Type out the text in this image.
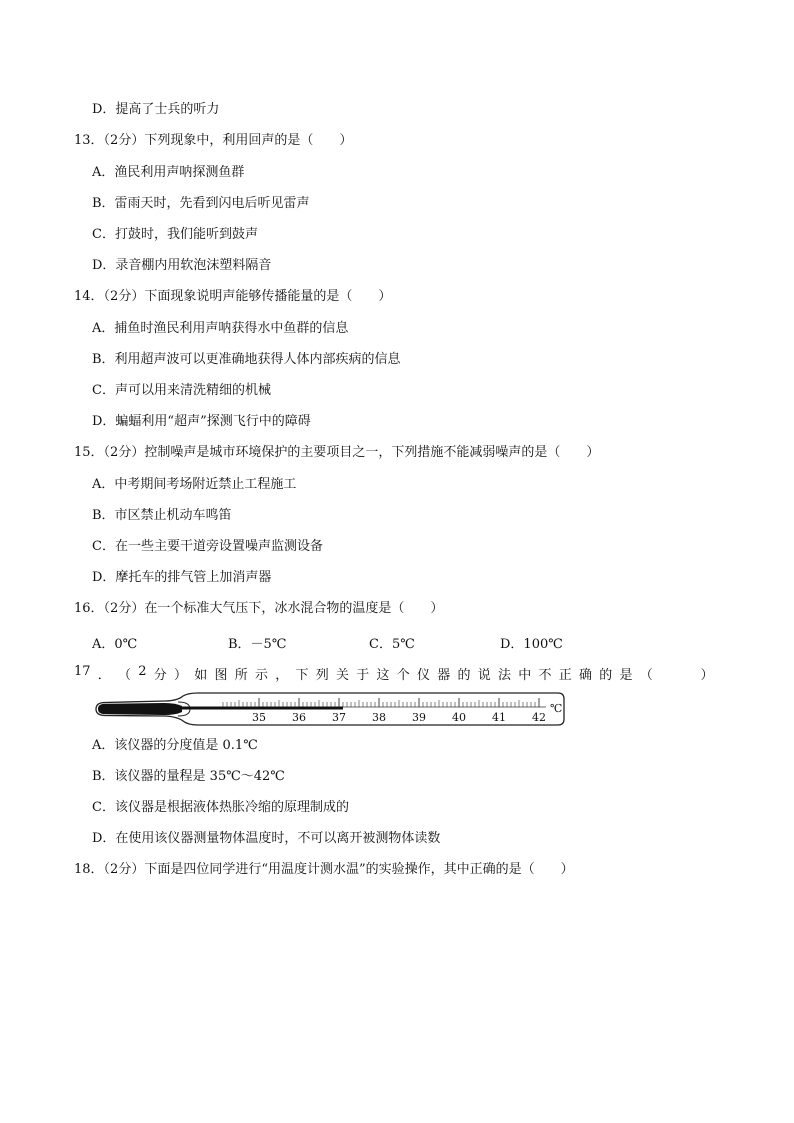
D．提高了士兵的听力
13．（2分）下列现象中，利用回声的是（　　）
A．渔民利用声呐探测鱼群
B．雷雨天时，先看到闪电后听见雷声
C．打鼓时，我们能听到鼓声
D．录音棚内用软泡沫塑料隔音
14．（2分）下面现象说明声能够传播能量的是（　　）
A．捕鱼时渔民利用声呐获得水中鱼群的信息
B．利用超声波可以更准确地获得人体内部疾病的信息
C．声可以用来清洗精细的机械
D．蝙蝠利用“超声”探测飞行中的障碍
15．（2分）控制噪声是城市环境保护的主要项目之一，下列措施不能减弱噪声的是（　　）
A．中考期间考场附近禁止工程施工
B．市区禁止机动车鸣笛
C．在一些主要干道旁设置噪声监测设备
D．摩托车的排气管上加消声器
16．（2分）在一个标准大气压下，冰水混合物的温度是（　　）
A．0℃	B．－5℃	C．5℃	D．100℃
17 ． （ 2 分 ） 如 图 所 示 ， 下 列 关 于 这 个 仪 器 的 说 法 中 不 正 确 的 是 （

　	）
35 36 37 38 39 40 41 42
℃
A．该仪器的分度值是 0.1℃
B．该仪器的量程是 35℃～42℃
C．该仪器是根据液体热胀冷缩的原理制成的
D．在使用该仪器测量物体温度时，不可以离开被测物体读数
18．（2分）下面是四位同学进行“用温度计测水温”的实验操作，其中正确的是（　　）
